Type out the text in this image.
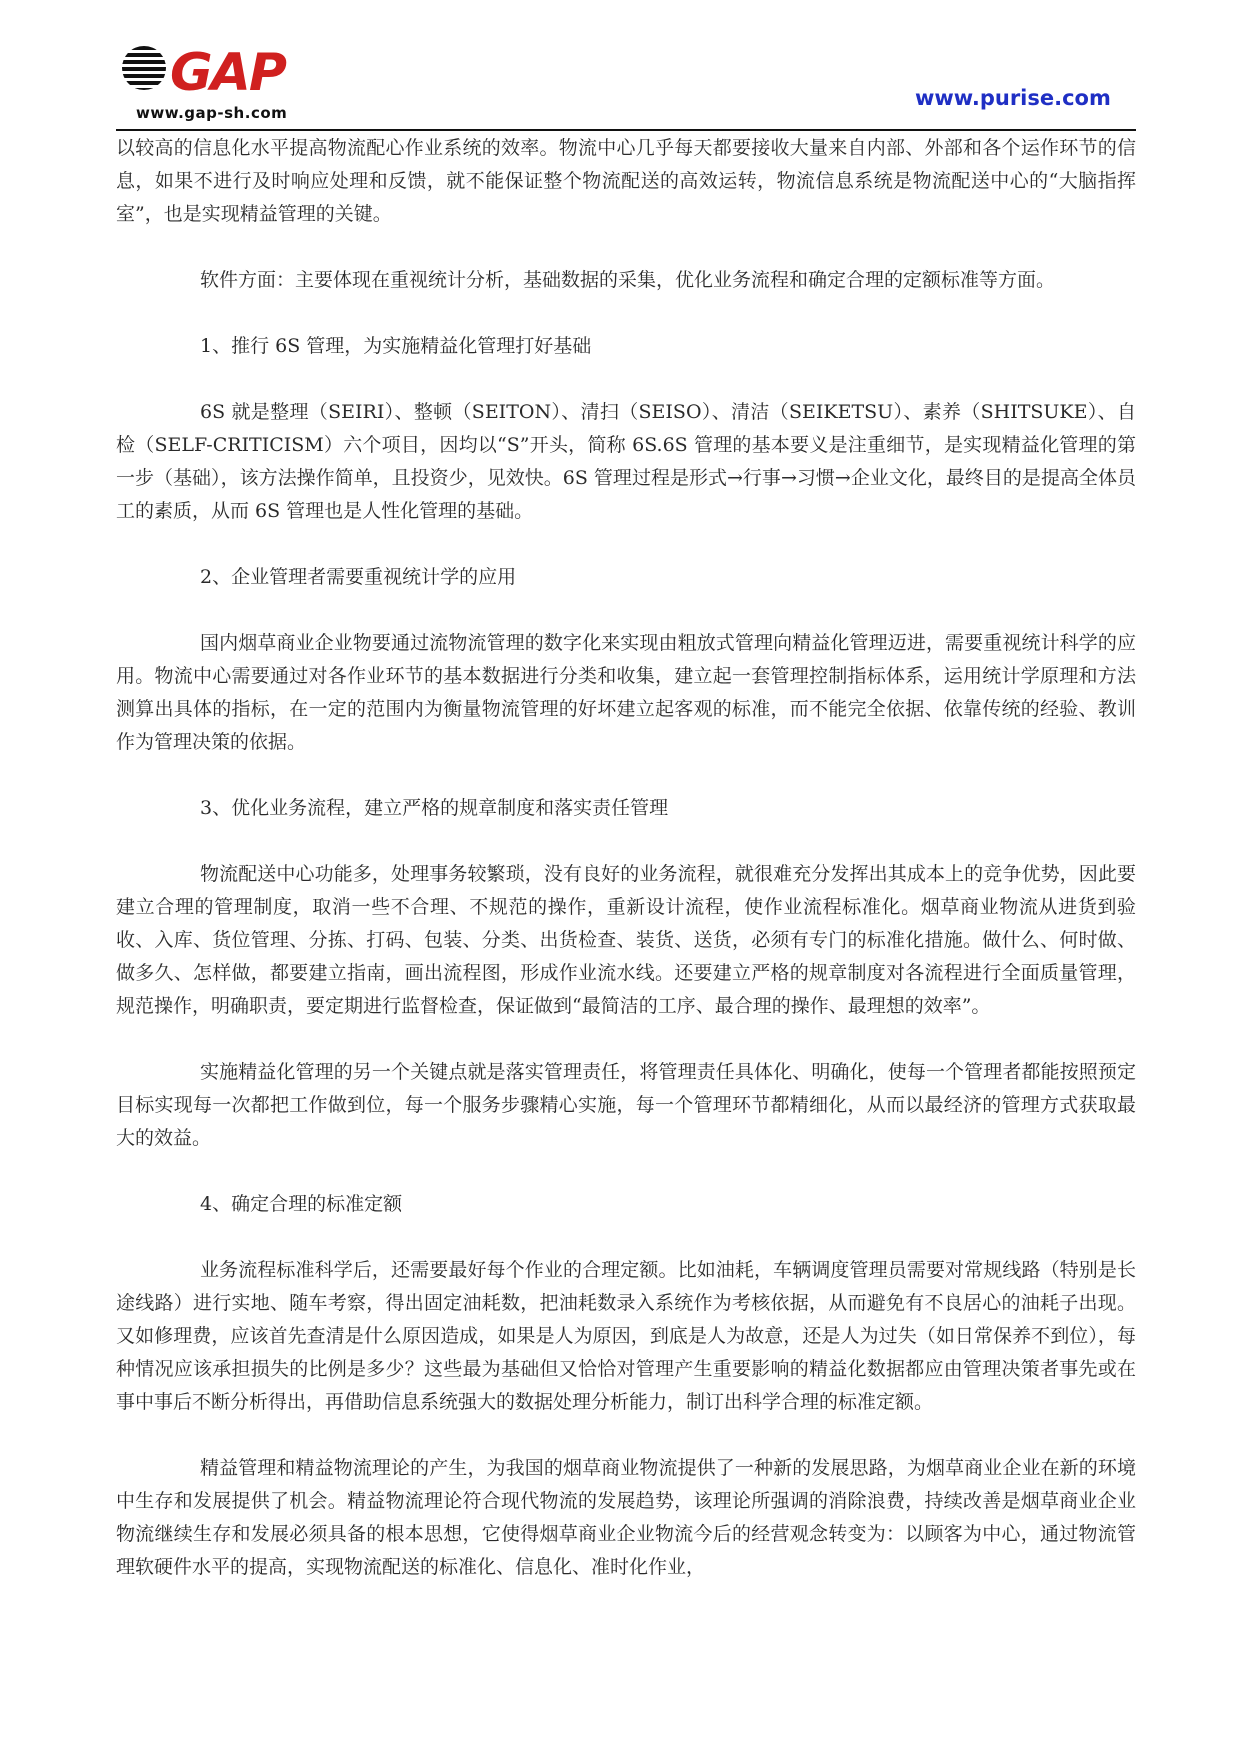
GAP
www.gap-sh.com
www.purise.com

以较高的信息化水平提高物流配心作业系统的效率。物流中心几乎每天都要接收大量来自内部、外部和各个运作环节的信息，如果不进行及时响应处理和反馈，就不能保证整个物流配送的高效运转，物流信息系统是物流配送中心的“大脑指挥室”，也是实现精益管理的关键。

软件方面：主要体现在重视统计分析，基础数据的采集，优化业务流程和确定合理的定额标准等方面。

1、推行 6S 管理，为实施精益化管理打好基础

6S 就是整理（SEIRI）、整顿（SEITON）、清扫（SEISO）、清洁（SEIKETSU）、素养（SHITSUKE）、自检（SELF-CRITICISM）六个项目，因均以“S”开头，简称 6S.6S 管理的基本要义是注重细节，是实现精益化管理的第一步（基础），该方法操作简单，且投资少，见效快。6S 管理过程是形式→行事→习惯→企业文化，最终目的是提高全体员工的素质，从而 6S 管理也是人性化管理的基础。

2、企业管理者需要重视统计学的应用

国内烟草商业企业物要通过流物流管理的数字化来实现由粗放式管理向精益化管理迈进，需要重视统计科学的应用。物流中心需要通过对各作业环节的基本数据进行分类和收集，建立起一套管理控制指标体系，运用统计学原理和方法测算出具体的指标，在一定的范围内为衡量物流管理的好坏建立起客观的标准，而不能完全依据、依靠传统的经验、教训作为管理决策的依据。

3、优化业务流程，建立严格的规章制度和落实责任管理

物流配送中心功能多，处理事务较繁琐，没有良好的业务流程，就很难充分发挥出其成本上的竞争优势，因此要建立合理的管理制度，取消一些不合理、不规范的操作，重新设计流程，使作业流程标准化。烟草商业物流从进货到验收、入库、货位管理、分拣、打码、包装、分类、出货检查、装货、送货，必须有专门的标准化措施。做什么、何时做、做多久、怎样做，都要建立指南，画出流程图，形成作业流水线。还要建立严格的规章制度对各流程进行全面质量管理，规范操作，明确职责，要定期进行监督检查，保证做到“最简洁的工序、最合理的操作、最理想的效率”。

实施精益化管理的另一个关键点就是落实管理责任，将管理责任具体化、明确化，使每一个管理者都能按照预定目标实现每一次都把工作做到位，每一个服务步骤精心实施，每一个管理环节都精细化，从而以最经济的管理方式获取最大的效益。

4、确定合理的标准定额

业务流程标准科学后，还需要最好每个作业的合理定额。比如油耗，车辆调度管理员需要对常规线路（特别是长途线路）进行实地、随车考察，得出固定油耗数，把油耗数录入系统作为考核依据，从而避免有不良居心的油耗子出现。又如修理费，应该首先查清是什么原因造成，如果是人为原因，到底是人为故意，还是人为过失（如日常保养不到位），每种情况应该承担损失的比例是多少？这些最为基础但又恰恰对管理产生重要影响的精益化数据都应由管理决策者事先或在事中事后不断分析得出，再借助信息系统强大的数据处理分析能力，制订出科学合理的标准定额。

精益管理和精益物流理论的产生，为我国的烟草商业物流提供了一种新的发展思路，为烟草商业企业在新的环境中生存和发展提供了机会。精益物流理论符合现代物流的发展趋势，该理论所强调的消除浪费，持续改善是烟草商业企业物流继续生存和发展必须具备的根本思想，它使得烟草商业企业物流今后的经营观念转变为：以顾客为中心，通过物流管理软硬件水平的提高，实现物流配送的标准化、信息化、准时化作业，
